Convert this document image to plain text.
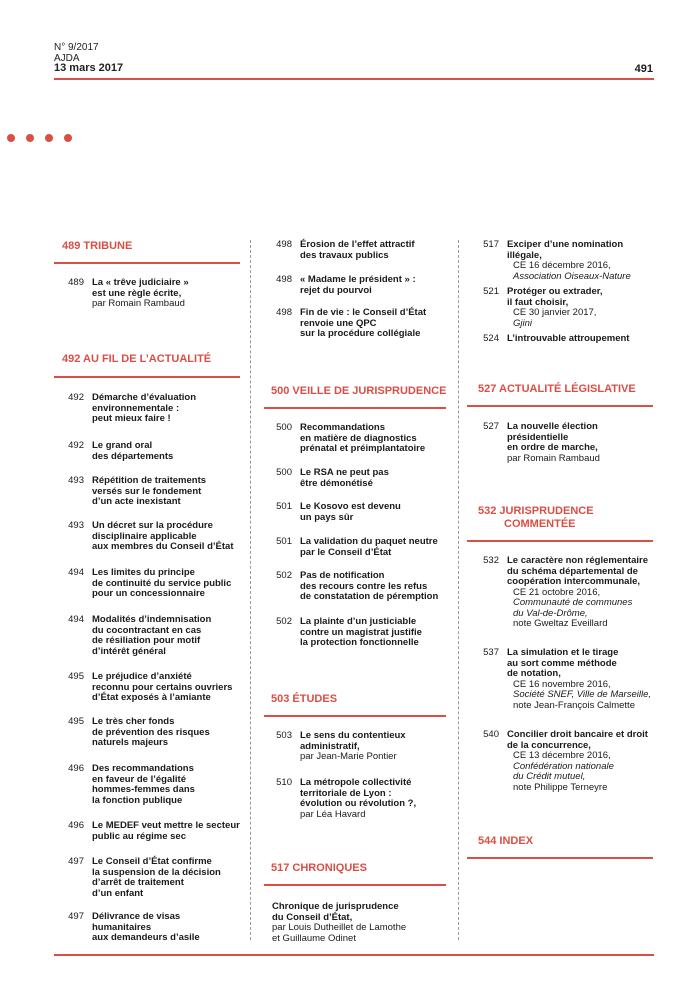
N° 9/2017
AJDA
13 mars 2017	491
489 TRIBUNE
489 La « trêve judiciaire »
est une règle écrite,
par Romain Rambaud
492 AU FIL DE L’ACTUALITÉ
492 Démarche d’évaluation
environnementale :
peut mieux faire !
492 Le grand oral
des départements
493 Répétition de traitements
versés sur le fondement
d’un acte inexistant
493 Un décret sur la procédure
disciplinaire applicable
aux membres du Conseil d’État
494 Les limites du principe
de continuité du service public
pour un concessionnaire
494 Modalités d’indemnisation
du cocontractant en cas
de résiliation pour motif
d’intérêt général
495 Le préjudice d’anxiété
reconnu pour certains ouvriers
d’État exposés à l’amiante
495 Le très cher fonds
de prévention des risques
naturels majeurs
496 Des recommandations
en faveur de l’égalité
hommes-femmes dans
la fonction publique
496 Le MEDEF veut mettre le secteur
public au régime sec
497 Le Conseil d’État confirme
la suspension de la décision
d’arrêt de traitement
d’un enfant
497 Délivrance de visas
humanitaires
aux demandeurs d’asile
498 Érosion de l’effet attractif
des travaux publics
498 « Madame le président » :
rejet du pourvoi
498 Fin de vie : le Conseil d’État
renvoie une QPC
sur la procédure collégiale
500 VEILLE DE JURISPRUDENCE
500 Recommandations
en matière de diagnostics
prénatal et préimplantatoire
500 Le RSA ne peut pas
être démonétisé
501 Le Kosovo est devenu
un pays sûr
501 La validation du paquet neutre
par le Conseil d’État
502 Pas de notification
des recours contre les refus
de constatation de péremption
502 La plainte d’un justiciable
contre un magistrat justifie
la protection fonctionnelle
503 ÉTUDES
503 Le sens du contentieux
administratif,
par Jean-Marie Pontier
510 La métropole collectivité
territoriale de Lyon :
évolution ou révolution ?,
par Léa Havard
517 CHRONIQUES
Chronique de jurisprudence
du Conseil d’État,
par Louis Dutheillet de Lamothe
et Guillaume Odinet
517 Exciper d’une nomination illégale,
CE 16 décembre 2016,
Association Oiseaux-Nature
521 Protéger ou extrader,
il faut choisir,
CE 30 janvier 2017,
Gjini
524 L’introuvable attroupement
527 ACTUALITÉ LÉGISLATIVE
527 La nouvelle élection
présidentielle
en ordre de marche,
par Romain Rambaud
532 JURISPRUDENCE
COMMENTÉE
532 Le caractère non réglementaire
du schéma départemental de
coopération intercommunale,
CE 21 octobre 2016,
Communauté de communes
du Val-de-Drôme,
note Gweltaz Eveillard
537 La simulation et le tirage
au sort comme méthode
de notation,
CE 16 novembre 2016,
Société SNEF, Ville de Marseille,
note Jean-François Calmette
540 Concilier droit bancaire et droit
de la concurrence,
CE 13 décembre 2016,
Confédération nationale
du Crédit mutuel,
note Philippe Terneyre
544 INDEX
